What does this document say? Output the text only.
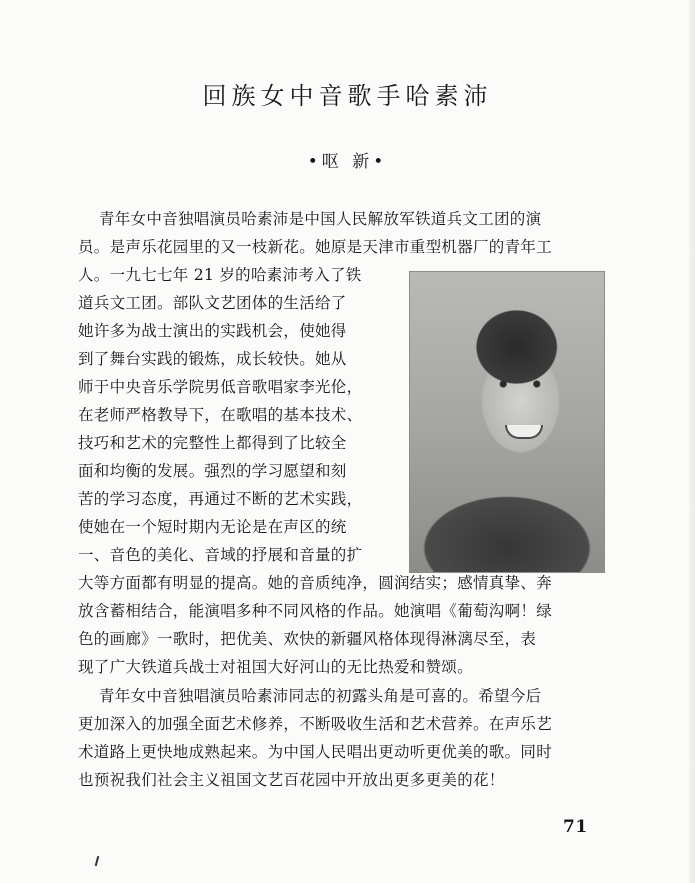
回族女中音歌手哈素沛
•呕 新•
青年女中音独唱演员哈素沛是中国人民解放军铁道兵文工团的演
员。是声乐花园里的又一枝新花。她原是天津市重型机器厂的青年工
人。一九七七年 21 岁的哈素沛考入了铁
道兵文工团。部队文艺团体的生活给了
她许多为战士演出的实践机会，使她得
到了舞台实践的锻炼，成长较快。她从
师于中央音乐学院男低音歌唱家李光伦，
在老师严格教导下，在歌唱的基本技术、
技巧和艺术的完整性上都得到了比较全
面和均衡的发展。强烈的学习愿望和刻
苦的学习态度，再通过不断的艺术实践，
使她在一个短时期内无论是在声区的统
一、音色的美化、音域的抒展和音量的扩
大等方面都有明显的提高。她的音质纯净，圆润结实；感情真挚、奔
放含蓄相结合，能演唱多种不同风格的作品。她演唱《葡萄沟啊！绿
色的画廊》一歌时，把优美、欢快的新疆风格体现得淋漓尽至，表
现了广大铁道兵战士对祖国大好河山的无比热爱和赞颂。
青年女中音独唱演员哈素沛同志的初露头角是可喜的。希望今后
更加深入的加强全面艺术修养，不断吸收生活和艺术营养。在声乐艺
术道路上更快地成熟起来。为中国人民唱出更动听更优美的歌。同时
也预祝我们社会主义祖国文艺百花园中开放出更多更美的花！
71
